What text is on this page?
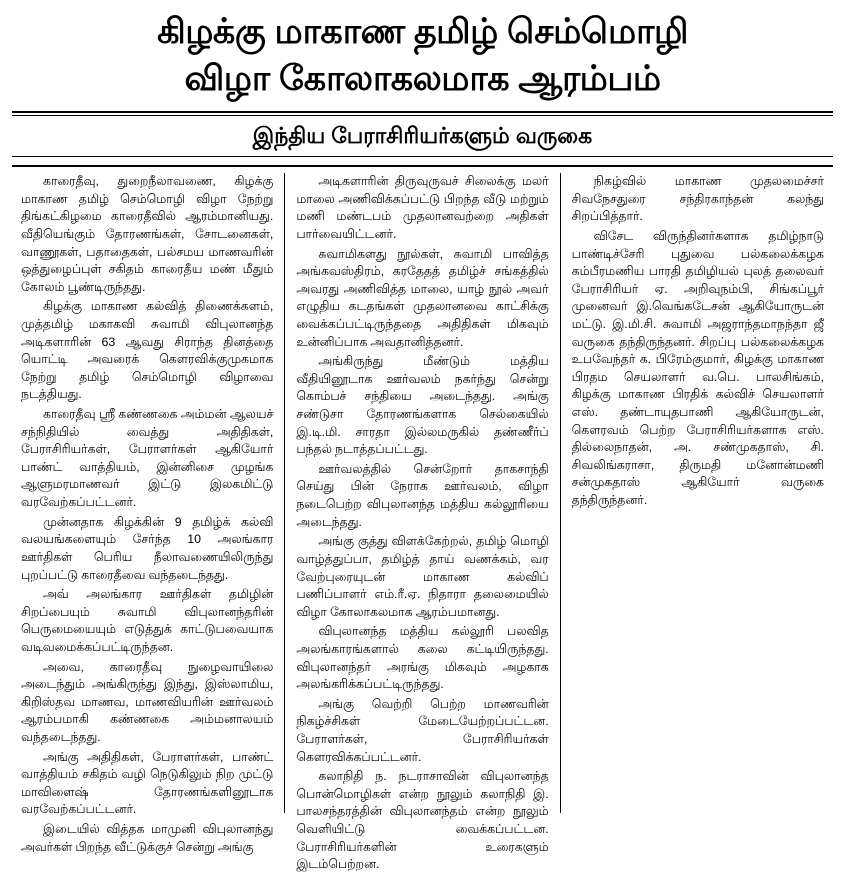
கிழக்கு மாகாண தமிழ் செம்மொழி
விழா கோலாகலமாக ஆரம்பம்
இந்திய பேராசிரியர்களும் வருகை

காரைதீவு, துறைநீலாவணை, கிழக்கு மாகாண தமிழ் செம்மொழி விழா நேற்று திங்கட்கிழமை காரைதீவில் ஆரம்மானியது. வீதியெங்கும் தோரணங்கள், சோடனைகள், வாணூகள், பதாதைகள், பல்சமய மாணவரின் ஒத்துழைப்புள் சகிதம் காரைதீய மண் மீதும் கோலம் பூண்டிருந்தது.

கிழக்கு மாகாண கல்வித் திணைக்களம், முத்தமிழ் மகாகவி சுவாமி விபுலானந்த அடிகளாரின் 63 ஆவது சிராந்த தினத்தை யொட்டி அவரைக் கௌரவிக்குமுகமாக நேற்று தமிழ் செம்மொழி விழாவை நடத்தியது.

காரைதீவு ஸ்ரீ கண்ணகை அம்மன் ஆலயச் சந்நிதியில் வைத்து அதிதிகள், பேராசிரியர்கள், பேராளர்கள் ஆகியோர் பாண்ட் வாத்தியம், இன்னிசை முழங்க ஆளுமரமாணவர் இட்டு இலகமிட்டு வரவேற்கப்பட்டனர்.

முன்னதாக கிழக்கின் 9 தமிழ்க் கல்வி வலயங்களையும் சேர்ந்த 10 அலங்கார ஊர்திகள் பெரிய நீலாவணையிலிருந்து புறப்பட்டு காரைதீவை வந்தடைந்தது.

அவ் அலங்கார ஊர்திகள் தமிழின் சிறப்பையும் சுவாமி விபுலானந்தரின் பெருமையையும் எடுத்துக் காட்டுபவையாக வடிவமைக்கப்பட்டிருந்தன.

அவை, காரைதீவு நுழைவாயிலை அடைந்தும் அங்கிருந்து இந்து, இஸ்லாமிய, கிறிஸ்தவ மாணவ, மாணவியரின் ஊர்வலம் ஆரம்பமாகி கண்ணகை அம்மனாலயம் வந்தடைந்தது.

அங்கு அதிதிகள், பேராளர்கள், பாண்ட் வாத்தியம் சகிதம் வழி நெடுகிலும் நிற முட்டு மாவிளைஷ் தோரணங்களினூடாக வரவேற்கப்பட்டனர்.

இடையில் வித்தக மாமுனி விபுலானந்து அவர்கள் பிறந்த வீட்டுக்குச் சென்று அங்கு

அடிகளாரின் திருவுருவச் சிலைக்கு மலர் மாலை அணிவிக்கப்பட்டு பிறந்த வீடு மற்றும் மணி மண்டபம் முதலானவற்றை அதிகள் பார்வையிட்டனர்.

சுவாமிகளது நூல்கள், சுவாமி பாவித்த அங்கவஸ்திரம், கரதேதத் தமிழ்ச் சங்கத்தில் அவரது அணிவித்த மாலை, யாழ் நூல் அவர் எழுதிய கடதங்கள் முதலானவை காட்சிக்கு வைக்கப்பட்டிருந்ததை அதிதிகள் மிகவும் உன்னிப்பாக அவதானித்தனர்.

அங்கிருந்து மீண்டும் மத்திய வீதியினூடாக ஊர்வலம் நகர்ந்து சென்று கொம்பச் சந்தியை அடைந்தது. அங்கு சண்டுசா தோரணங்களாக செல்கையில் இ.டி.மி. சாரதா இல்லமருகில் தண்ணீர்ப் பந்தல் நடாத்தப்பட்டது.

ஊர்வலத்தில் சென்றோர் தாகசாந்தி செய்து பின் நேராக ஊர்வலம், விழா நடைபெற்ற விபுலானந்த மத்திய கல்லூரியை அடைந்தது.

அங்கு குத்து விளக்கேற்றல், தமிழ் மொழி வாழ்த்துப்பா, தமிழ்த் தாய் வணக்கம், வர வேற்புரையுடன் மாகாண கல்விப் பணிப்பாளர் எம்.ரீ.ஏ. நிதாரா தலைமையில் விழா கோலாகலமாக ஆரம்பமானது.

விபுலானந்த மத்திய கல்லூரி பலவித அலங்காரங்களால் கலை கட்டியிருந்தது. விபுலானந்தர் அரங்கு மிகவும் அழகாக அலங்கரிக்கப்பட்டிருந்தது.

அங்கு வெற்றி பெற்ற மாணவரின் நிகழ்ச்சிகள் மேடையேற்றப்பட்டன. பேராளர்கள், பேராசிரியர்கள் கௌரவிக்கப்பட்டனர்.

கலாநிதி ந. நடராசாவின் விபுலானந்த பொன்மொழிகள் என்ற நூலும் கலாநிதி இ. பாலசந்தரத்தின் விபுலானந்தம் என்ற நூலும் வெளியிட்டு வைக்கப்பட்டன. பேராசிரியர்களின் உரைகளும் இடம்பெற்றன.

நிகழ்வில் மாகாண முதலமைச்சர் சிவநேசதுரை சந்திரகாந்தன் கலந்து சிறப்பித்தார்.

விசேட விருந்தினர்களாக தமிழ்நாடு பாண்டிச்சேரி புதுவை பல்கலைக்கழக கம்பீரமணிய பாரதி தமிழியல் புலத் தலைவர் பேராசிரியர் ஏ. அறிவுநம்பி, சிங்கப்பூர் முனைவர் இ.வெங்கடேசன் ஆகியோருடன் மட்டு. இ.மி.சி. சுவாமி அஜராந்தமாநந்தா ஜீ வருகை தந்திருந்தனர். சிறப்பு பல்கலைக்கழக உபவேந்தர் க. பிரேம்குமார், கிழக்கு மாகாண பிரதம செயலாளர் வ.பெ. பாலசிங்கம், கிழக்கு மாகாண பிரதிக் கல்விச் செயலாளர் எஸ். தண்டாயுதபாணி ஆகியோருடன், கௌரவம் பெற்ற பேராசிரியர்களாக எஸ். தில்லைநாதன், அ. சண்முகதாஸ், சி. சிவலிங்கராசா, திருமதி மனோன்மணி சன்முகதாஸ் ஆகியோர் வருகை தந்திருந்தனர்.
